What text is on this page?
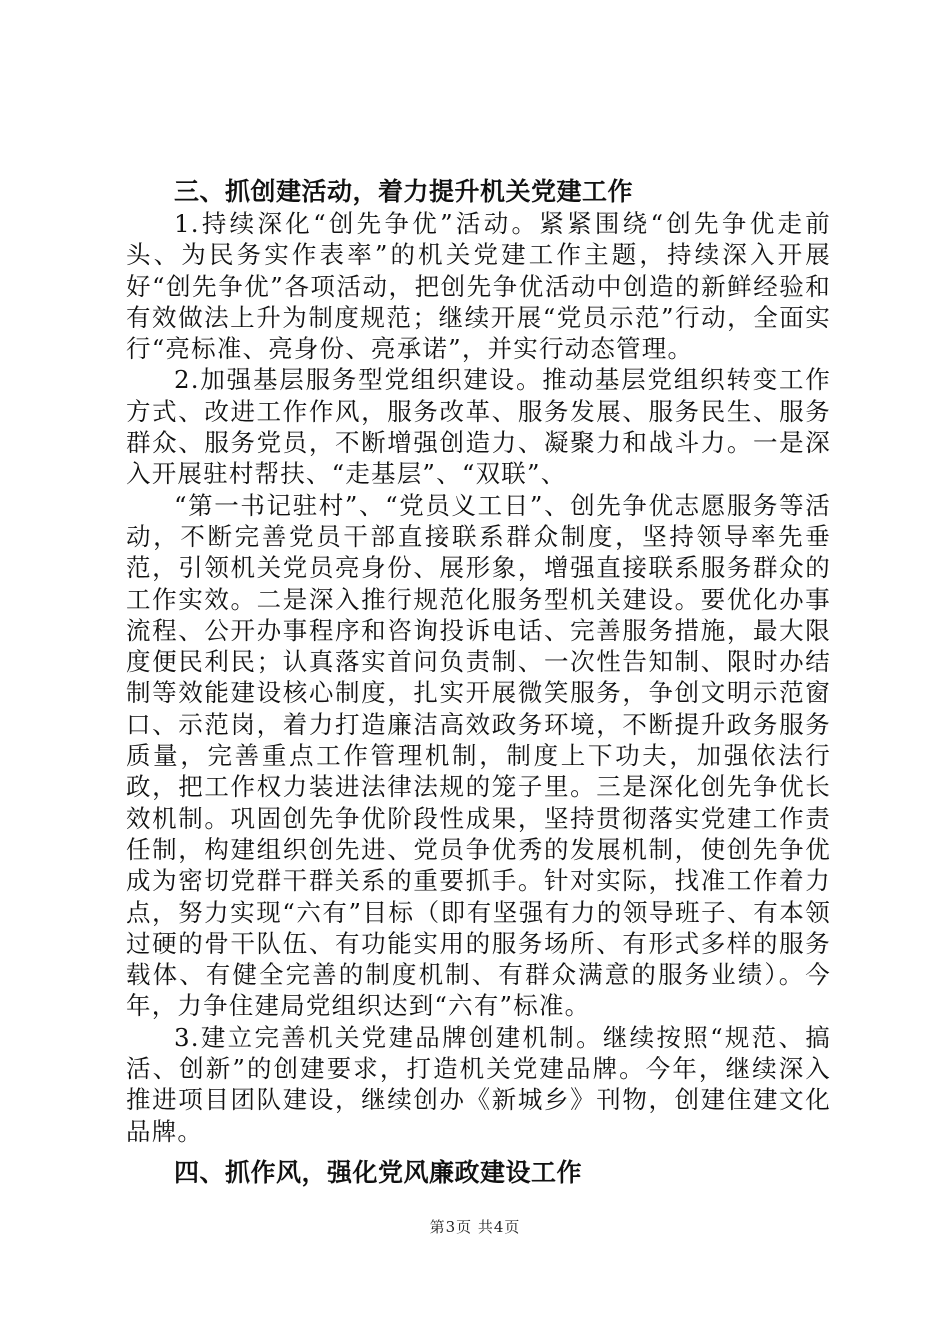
三、抓创建活动，着力提升机关党建工作

1.持续深化“创先争优”活动。紧紧围绕“创先争优走前头、为民务实作表率”的机关党建工作主题，持续深入开展好“创先争优”各项活动，把创先争优活动中创造的新鲜经验和有效做法上升为制度规范；继续开展“党员示范”行动，全面实行“亮标准、亮身份、亮承诺”，并实行动态管理。

2.加强基层服务型党组织建设。推动基层党组织转变工作方式、改进工作作风，服务改革、服务发展、服务民生、服务群众、服务党员，不断增强创造力、凝聚力和战斗力。一是深入开展驻村帮扶、“走基层”、“双联”、

“第一书记驻村”、“党员义工日”、创先争优志愿服务等活动，不断完善党员干部直接联系群众制度，坚持领导率先垂范，引领机关党员亮身份、展形象，增强直接联系服务群众的工作实效。二是深入推行规范化服务型机关建设。要优化办事流程、公开办事程序和咨询投诉电话、完善服务措施，最大限度便民利民；认真落实首问负责制、一次性告知制、限时办结制等效能建设核心制度，扎实开展微笑服务，争创文明示范窗口、示范岗，着力打造廉洁高效政务环境，不断提升政务服务质量，完善重点工作管理机制，制度上下功夫，加强依法行政，把工作权力装进法律法规的笼子里。三是深化创先争优长效机制。巩固创先争优阶段性成果，坚持贯彻落实党建工作责任制，构建组织创先进、党员争优秀的发展机制，使创先争优成为密切党群干群关系的重要抓手。针对实际，找准工作着力点，努力实现“六有”目标（即有坚强有力的领导班子、有本领过硬的骨干队伍、有功能实用的服务场所、有形式多样的服务载体、有健全完善的制度机制、有群众满意的服务业绩）。今年，力争住建局党组织达到“六有”标准。

3.建立完善机关党建品牌创建机制。继续按照“规范、搞活、创新”的创建要求，打造机关党建品牌。今年，继续深入推进项目团队建设，继续创办《新城乡》刊物，创建住建文化品牌。

四、抓作风，强化党风廉政建设工作

第3页 共4页
